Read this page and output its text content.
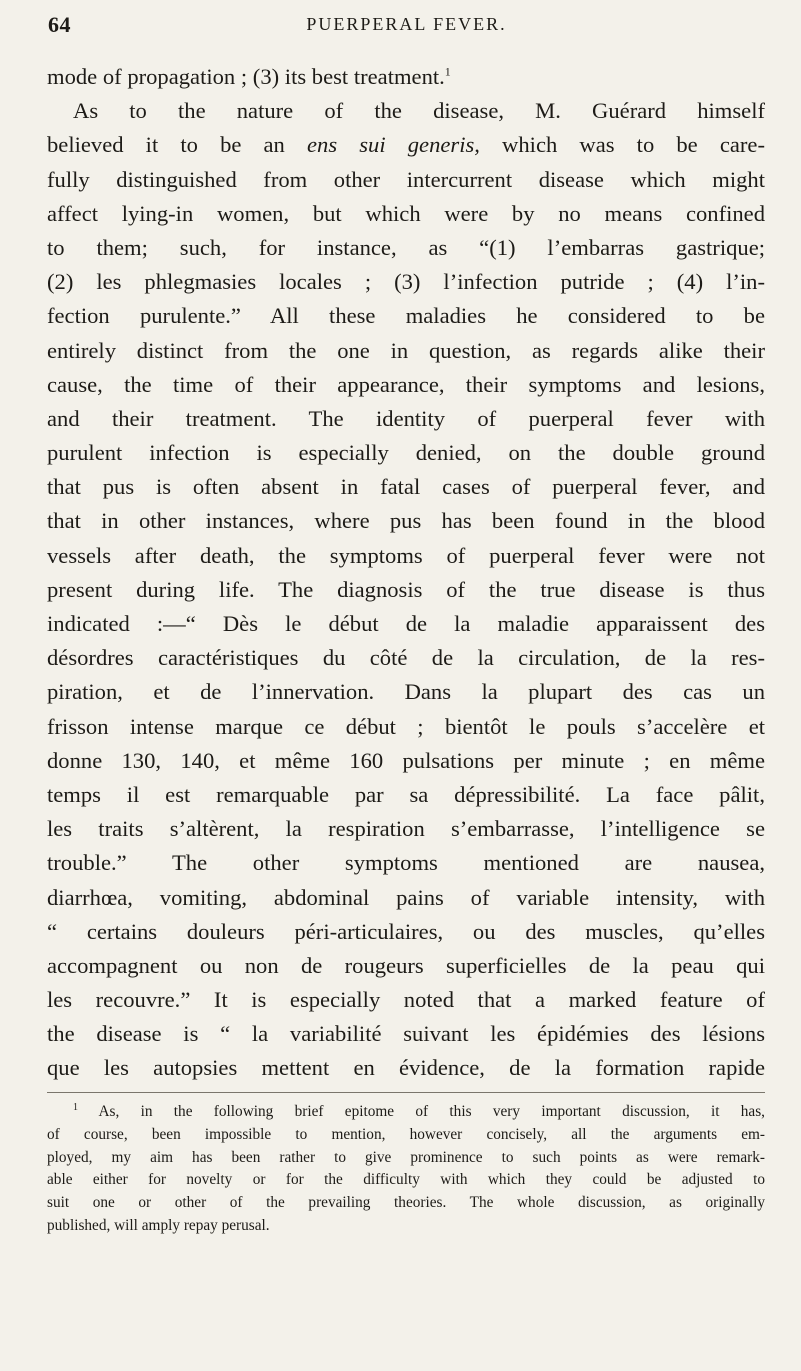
64	PUERPERAL FEVER.
mode of propagation ; (3) its best treatment.$^1$
As to the nature of the disease, M. Guérard himself
believed it to be an ens sui generis, which was to be care-
fully distinguished from other intercurrent disease which might
affect lying-in women, but which were by no means confined
to them; such, for instance, as “(1) l’embarras gastrique;
(2) les phlegmasies locales ; (3) l’infection putride ; (4) l’in-
fection purulente.” All these maladies he considered to be
entirely distinct from the one in question, as regards alike their
cause, the time of their appearance, their symptoms and lesions,
and their treatment. The identity of puerperal fever with
purulent infection is especially denied, on the double ground
that pus is often absent in fatal cases of puerperal fever, and
that in other instances, where pus has been found in the blood
vessels after death, the symptoms of puerperal fever were not
present during life. The diagnosis of the true disease is thus
indicated :—“ Dès le début de la maladie apparaissent des
désordres caractéristiques du côté de la circulation, de la res-
piration, et de l’innervation. Dans la plupart des cas un
frisson intense marque ce début ; bientôt le pouls s’accelère et
donne 130, 140, et même 160 pulsations per minute ; en même
temps il est remarquable par sa dépressibilité. La face pâlit,
les traits s’altèrent, la respiration s’embarrasse, l’intelligence se
trouble.” The other symptoms mentioned are nausea,
diarrhœa, vomiting, abdominal pains of variable intensity, with
“ certains douleurs péri-articulaires, ou des muscles, qu’elles
accompagnent ou non de rougeurs superficielles de la peau qui
les recouvre.” It is especially noted that a marked feature of
the disease is “ la variabilité suivant les épidémies des lésions
que les autopsies mettent en évidence, de la formation rapide
$^1$ As, in the following brief epitome of this very important discussion, it has,
of course, been impossible to mention, however concisely, all the arguments em-
ployed, my aim has been rather to give prominence to such points as were remark-
able either for novelty or for the difficulty with which they could be adjusted to
suit one or other of the prevailing theories. The whole discussion, as originally
published, will amply repay perusal.
